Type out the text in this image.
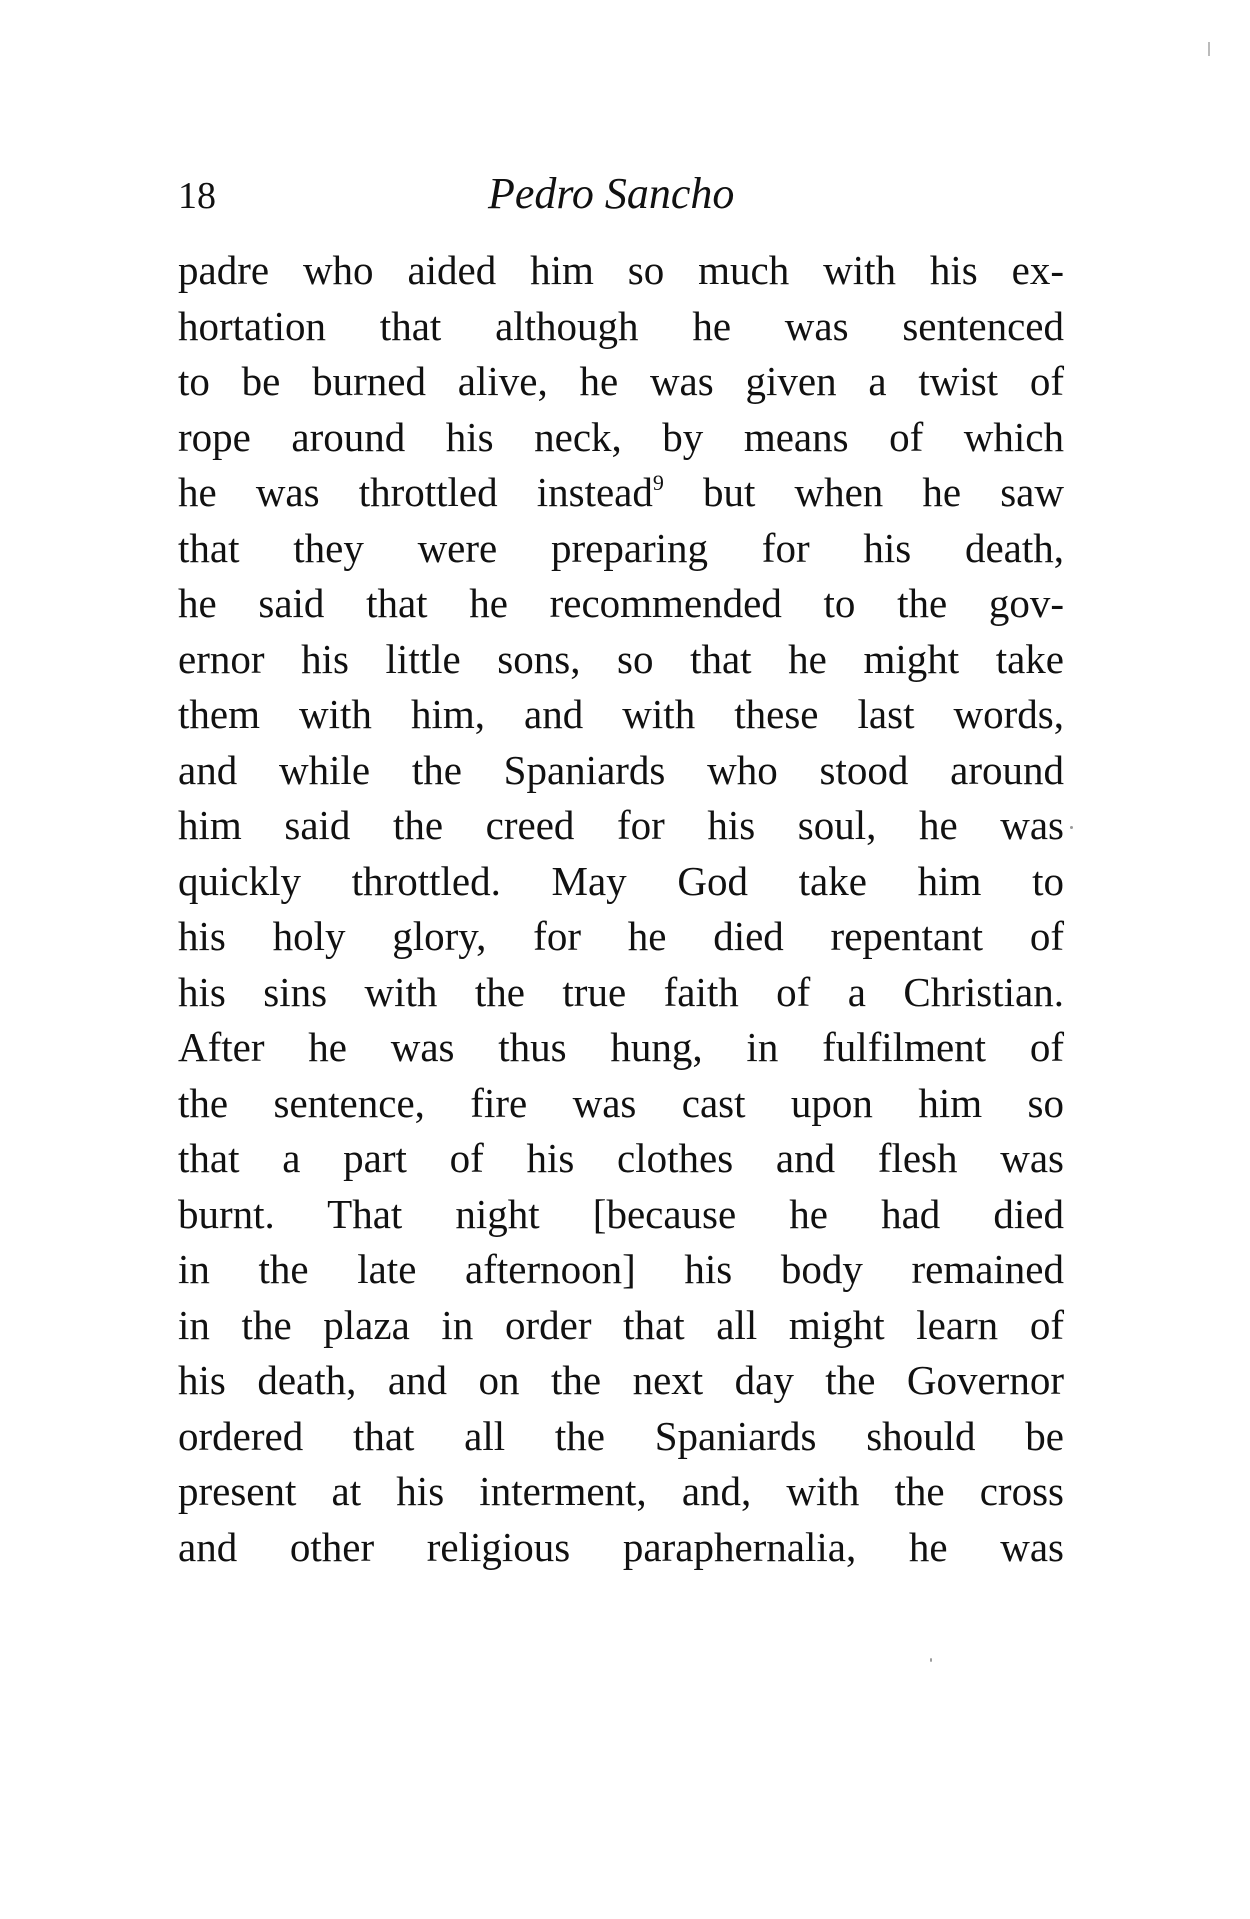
18	Pedro Sancho
padre who aided him so much with his ex-
hortation that although he was sentenced
to be burned alive, he was given a twist of
rope around his neck, by means of which
he was throttled instead$^9$ but when he saw
that they were preparing for his death,
he said that he recommended to the gov-
ernor his little sons, so that he might take
them with him, and with these last words,
and while the Spaniards who stood around
him said the creed for his soul, he was
quickly throttled. May God take him to
his holy glory, for he died repentant of
his sins with the true faith of a Christian.
After he was thus hung, in fulfilment of
the sentence, fire was cast upon him so
that a part of his clothes and flesh was
burnt. That night [because he had died
in the late afternoon] his body remained
in the plaza in order that all might learn of
his death, and on the next day the Governor
ordered that all the Spaniards should be
present at his interment, and, with the cross
and other religious paraphernalia, he was
